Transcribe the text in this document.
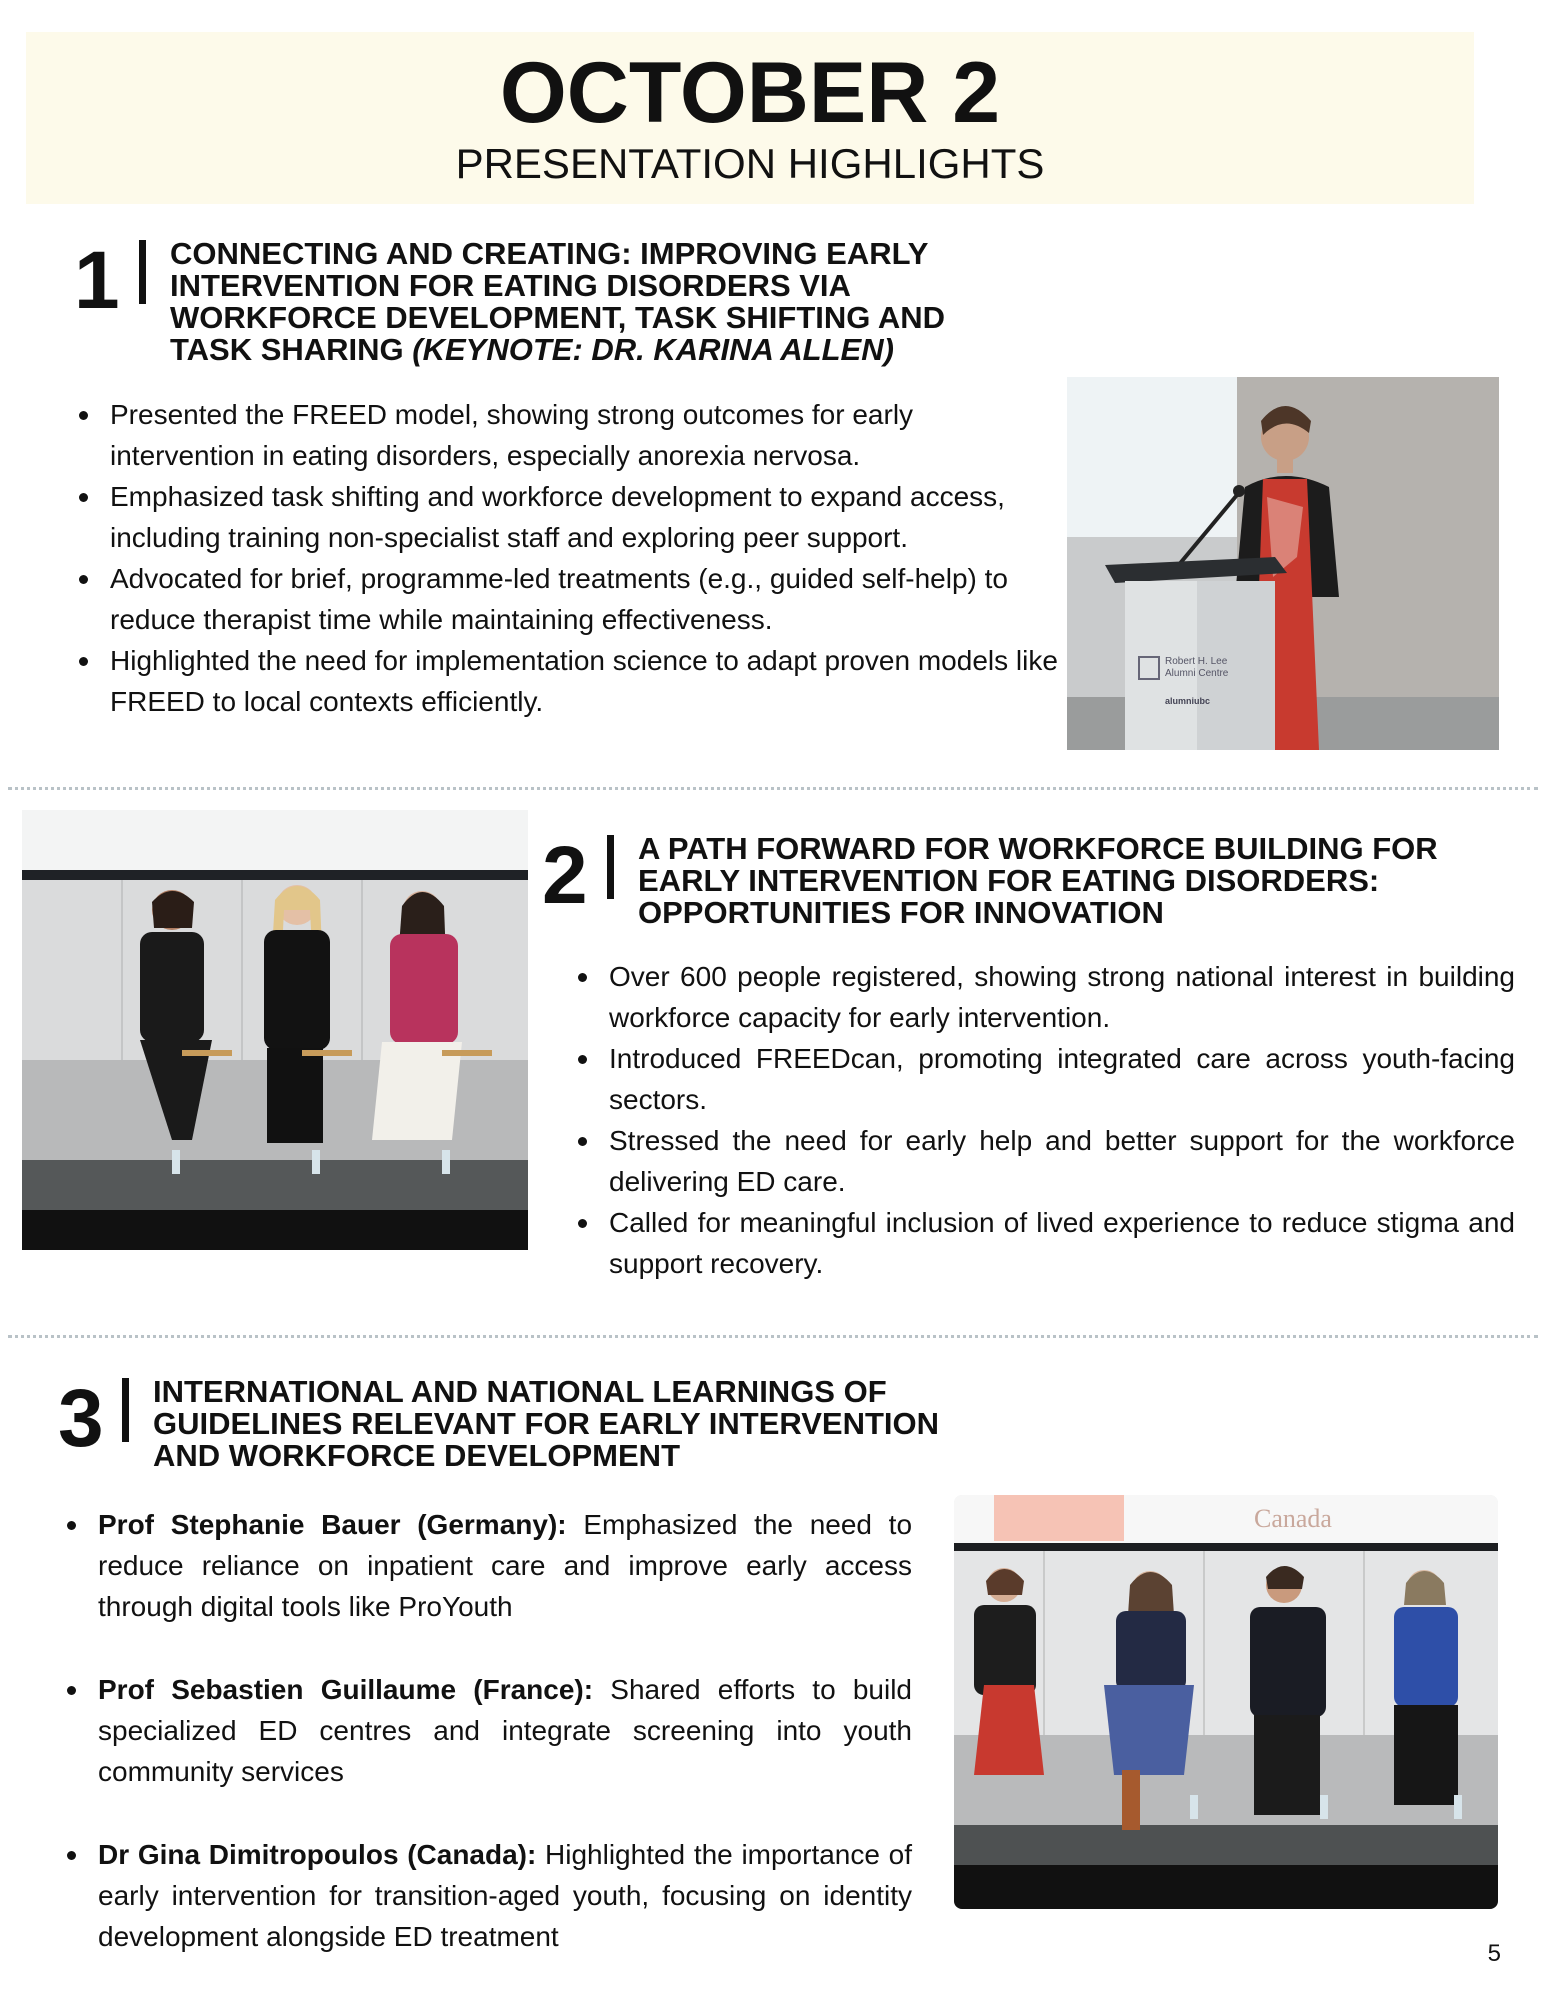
OCTOBER 2
PRESENTATION HIGHLIGHTS
1 CONNECTING AND CREATING: IMPROVING EARLY INTERVENTION FOR EATING DISORDERS VIA WORKFORCE DEVELOPMENT, TASK SHIFTING AND TASK SHARING (KEYNOTE: DR. KARINA ALLEN)
Presented the FREED model, showing strong outcomes for early intervention in eating disorders, especially anorexia nervosa.
Emphasized task shifting and workforce development to expand access, including training non-specialist staff and exploring peer support.
Advocated for brief, programme-led treatments (e.g., guided self-help) to reduce therapist time while maintaining effectiveness.
Highlighted the need for implementation science to adapt proven models like FREED to local contexts efficiently.
Robert H. Lee
Alumni Centre
alumniubc
2 A PATH FORWARD FOR WORKFORCE BUILDING FOR EARLY INTERVENTION FOR EATING DISORDERS: OPPORTUNITIES FOR INNOVATION
Over 600 people registered, showing strong national interest in building workforce capacity for early intervention.
Introduced FREEDcan, promoting integrated care across youth-facing sectors.
Stressed the need for early help and better support for the workforce delivering ED care.
Called for meaningful inclusion of lived experience to reduce stigma and support recovery.
3 INTERNATIONAL AND NATIONAL LEARNINGS OF GUIDELINES RELEVANT FOR EARLY INTERVENTION AND WORKFORCE DEVELOPMENT
Prof Stephanie Bauer (Germany): Emphasized the need to reduce reliance on inpatient care and improve early access through digital tools like ProYouth
Prof Sebastien Guillaume (France): Shared efforts to build specialized ED centres and integrate screening into youth community services
Dr Gina Dimitropoulos (Canada): Highlighted the importance of early intervention for transition-aged youth, focusing on identity development alongside ED treatment
Canada
5
